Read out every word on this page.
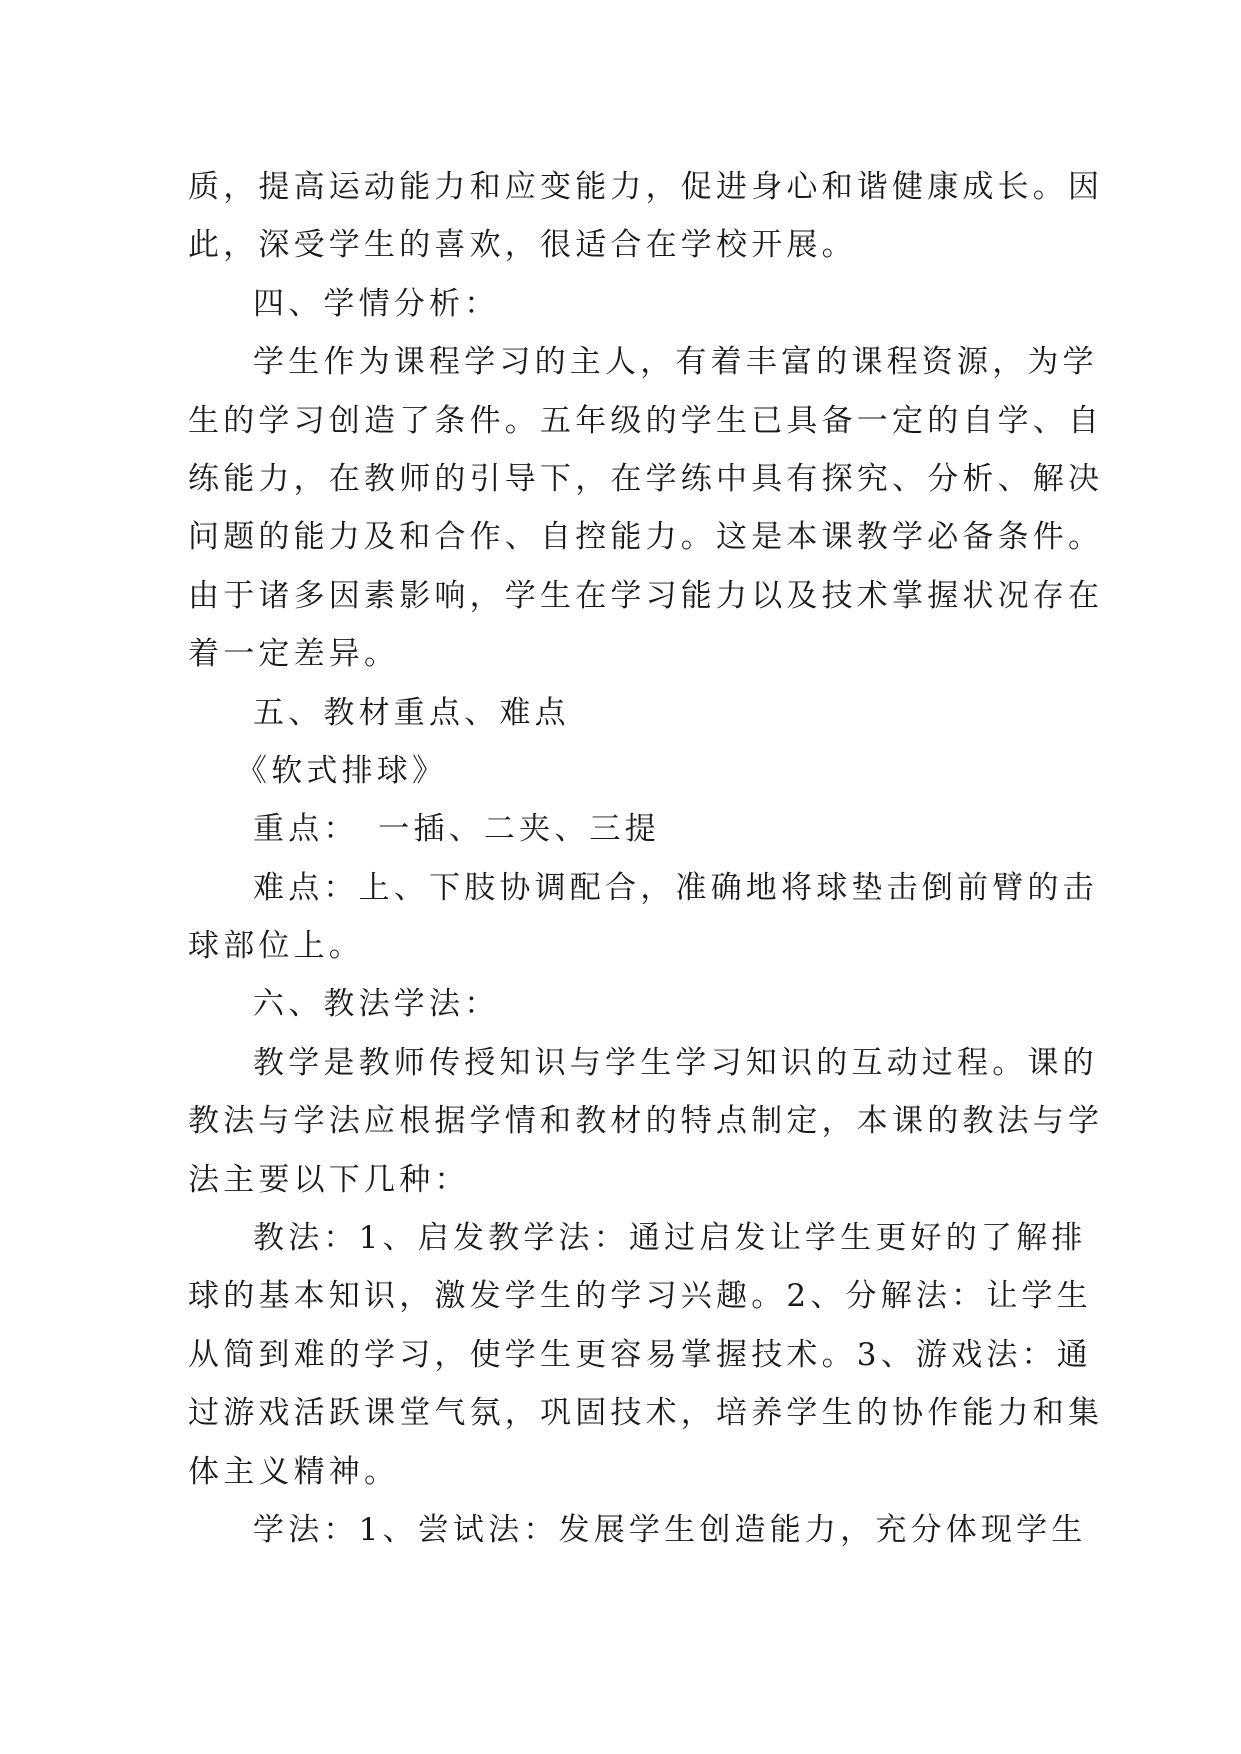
质，提高运动能力和应变能力，促进身心和谐健康成长。因
此，深受学生的喜欢，很适合在学校开展。
四、学情分析：
学生作为课程学习的主人，有着丰富的课程资源，为学
生的学习创造了条件。五年级的学生已具备一定的自学、自
练能力，在教师的引导下，在学练中具有探究、分析、解决
问题的能力及和合作、自控能力。这是本课教学必备条件。
由于诸多因素影响，学生在学习能力以及技术掌握状况存在
着一定差异。
五、教材重点、难点
《软式排球》
重点：　一插、二夹、三提
难点：上、下肢协调配合，准确地将球垫击倒前臂的击
球部位上。
六、教法学法：
教学是教师传授知识与学生学习知识的互动过程。课的
教法与学法应根据学情和教材的特点制定，本课的教法与学
法主要以下几种：
教法：1、启发教学法：通过启发让学生更好的了解排
球的基本知识，激发学生的学习兴趣。2、分解法：让学生
从简到难的学习，使学生更容易掌握技术。3、游戏法：通
过游戏活跃课堂气氛，巩固技术，培养学生的协作能力和集
体主义精神。
学法：1、尝试法：发展学生创造能力，充分体现学生
